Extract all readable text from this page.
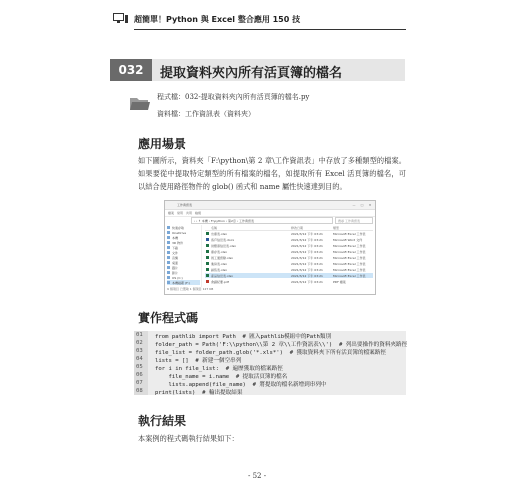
超簡單！Python 與 Excel 整合應用 150 技
032	提取資料夾內所有活頁簿的檔名
程式檔：032-提取資料夾內所有活頁簿的檔名.py
資料檔：工作資訊表（資料夾）
應用場景
如下圖所示，資料夾「F:\python\第 2 章\工作資訊表」中存放了多種類型的檔案。如果要從中提取特定類型的所有檔案的檔名，如提取所有 Excel 活頁簿的檔名，可以結合使用路徑物件的 glob() 函式和 name 屬性快速達到目的。
工作資訊表	—	□	✕
檔案 常用 共用 檢視
‹ › ↑ 本機 › F:\python › 第2章 › 工作資訊表	搜尋 工作資訊表
快速存取
OneDrive
本機
3D 物件
下載
文件
音樂
桌面
圖片
影片
OS (C:)
本機磁碟 (F:)
名稱	修改日期	類型
出庫表.xlsx	2021/3/12 下午 03:21	Microsoft Excel 工作表
客戶信息表.docx	2021/3/12 下午 03:21	Microsoft Word 文件
供應商信息表.xlsx	2021/3/12 下午 03:21	Microsoft Excel 工作表
庫存表.xlsx	2021/3/12 下午 03:21	Microsoft Excel 工作表
員工通訊錄.xlsx	2021/3/12 下午 03:21	Microsoft Excel 工作表
進貨表.xlsx	2021/3/12 下午 03:21	Microsoft Excel 工作表
銷售表.xlsx	2021/3/12 下午 03:21	Microsoft Excel 工作表
產品信息表.xlsx	2021/3/12 下午 03:21	Microsoft Excel 工作表
會議紀要.pdf	2021/3/12 下午 03:21	PDF 檔案
9 個項目 已選取 1 個項目 127 KB
實作程式碼
01 from pathlib import Path  # 匯入pathlib模組中的Path類別
02 folder_path = Path('F:\\python\\第 2 章\\工作資訊表\\')  # 列出要操作的資料夾路徑
03 file_list = folder_path.glob('*.xls*')  # 獲取資料夾下所有活頁簿的檔案路徑
04 lists = []  # 新建一個空串列
05 for i in file_list:  # 遍歷獲取的檔案路徑
06 file_name = i.name  # 提取活頁簿的檔名
07 lists.append(file_name)  # 將提取的檔名新增到串列中
08 print(lists)  # 輸出提取結果
執行結果
本案例的程式碼執行結果如下：
- 52 -
